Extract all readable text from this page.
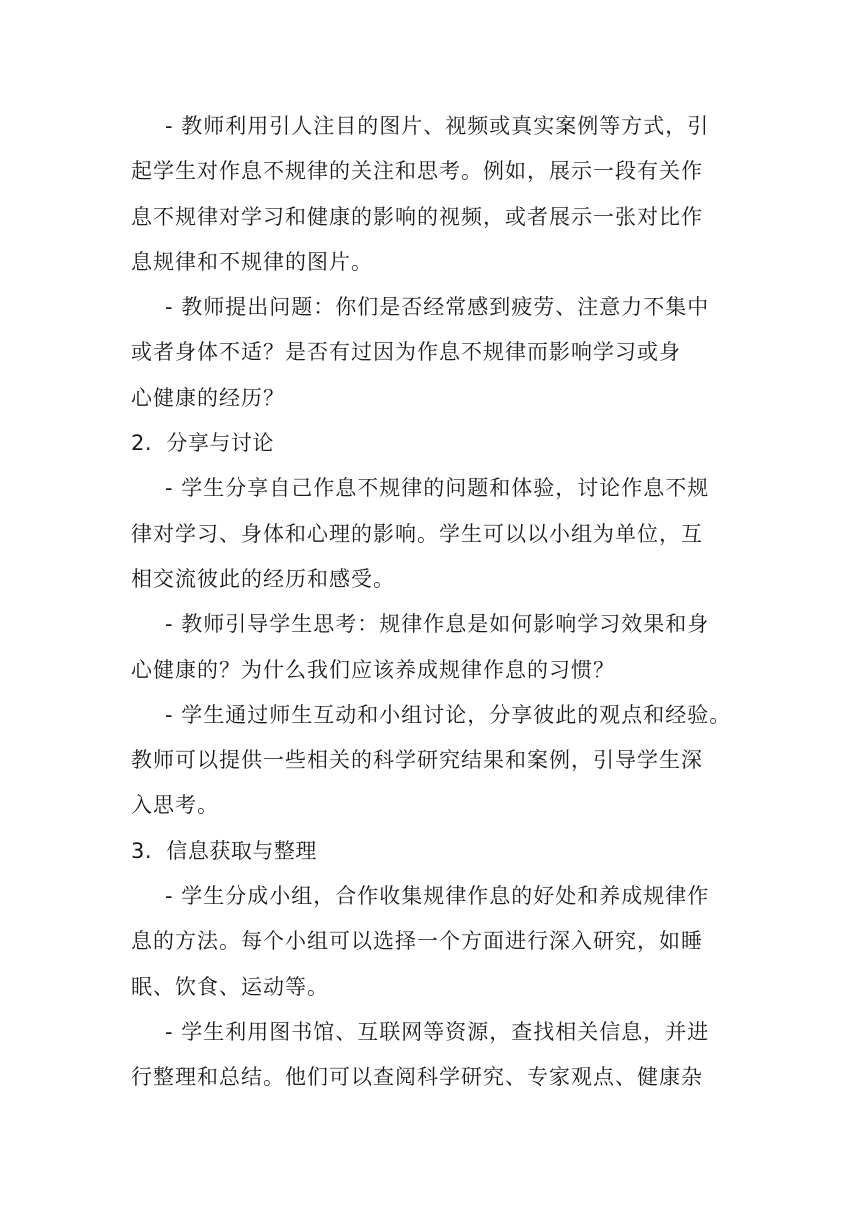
- 教师利用引人注目的图片、视频或真实案例等方式，引
起学生对作息不规律的关注和思考。例如，展示一段有关作
息不规律对学习和健康的影响的视频，或者展示一张对比作
息规律和不规律的图片。
- 教师提出问题：你们是否经常感到疲劳、注意力不集中
或者身体不适？是否有过因为作息不规律而影响学习或身
心健康的经历？
2.  分享与讨论
- 学生分享自己作息不规律的问题和体验，讨论作息不规
律对学习、身体和心理的影响。学生可以以小组为单位，互
相交流彼此的经历和感受。
- 教师引导学生思考：规律作息是如何影响学习效果和身
心健康的？为什么我们应该养成规律作息的习惯？
- 学生通过师生互动和小组讨论，分享彼此的观点和经验。
教师可以提供一些相关的科学研究结果和案例，引导学生深
入思考。
3.  信息获取与整理
- 学生分成小组，合作收集规律作息的好处和养成规律作
息的方法。每个小组可以选择一个方面进行深入研究，如睡
眠、饮食、运动等。
- 学生利用图书馆、互联网等资源，查找相关信息，并进
行整理和总结。他们可以查阅科学研究、专家观点、健康杂
